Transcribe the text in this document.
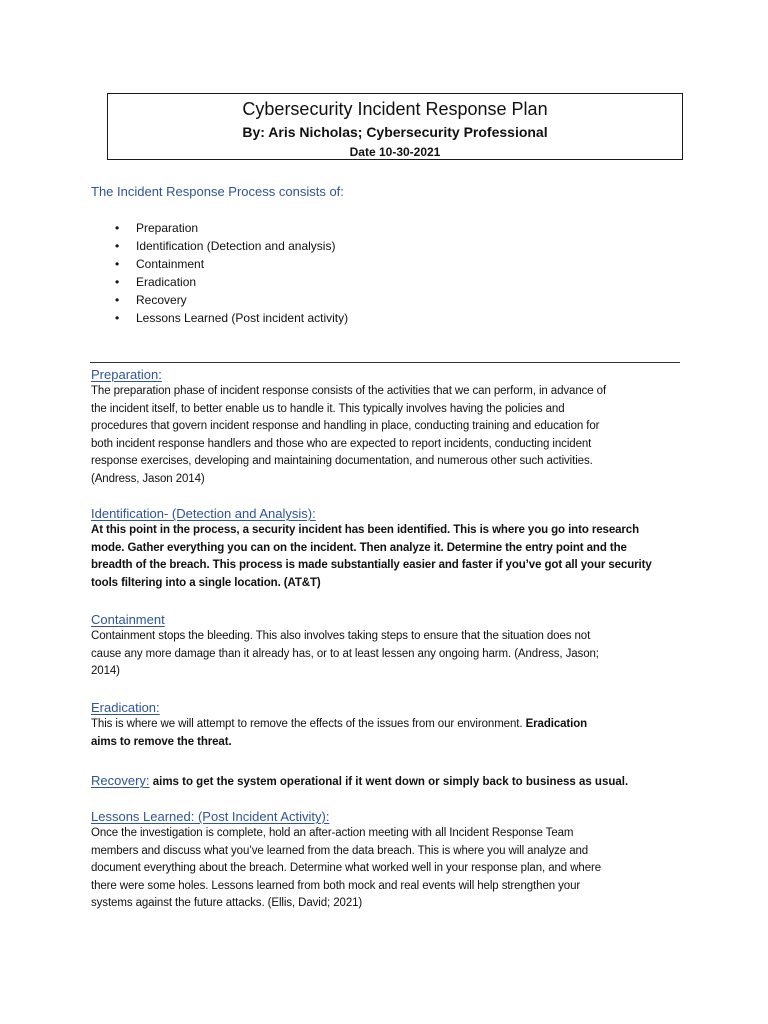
Cybersecurity Incident Response Plan
By: Aris Nicholas; Cybersecurity Professional
Date 10-30-2021
The Incident Response Process consists of:
• Preparation
• Identification (Detection and analysis)
• Containment
• Eradication
• Recovery
• Lessons Learned (Post incident activity)
Preparation:

The preparation phase of incident response consists of the activities that we can perform, in advance of
the incident itself, to better enable us to handle it. This typically involves having the policies and
procedures that govern incident response and handling in place, conducting training and education for
both incident response handlers and those who are expected to report incidents, conducting incident
response exercises, developing and maintaining documentation, and numerous other such activities.
(Andress, Jason 2014)

Identification- (Detection and Analysis):

At this point in the process, a security incident has been identified. This is where you go into research
mode. Gather everything you can on the incident. Then analyze it. Determine the entry point and the
breadth of the breach. This process is made substantially easier and faster if you’ve got all your security
tools filtering into a single location. (AT&T)

Containment

Containment stops the bleeding. This also involves taking steps to ensure that the situation does not
cause any more damage than it already has, or to at least lessen any ongoing harm. (Andress, Jason;
2014)

Eradication:

This is where we will attempt to remove the effects of the issues from our environment. Eradication
aims to remove the threat.

Recovery: aims to get the system operational if it went down or simply back to business as usual.
Lessons Learned: (Post Incident Activity):

Once the investigation is complete, hold an after-action meeting with all Incident Response Team
members and discuss what you’ve learned from the data breach. This is where you will analyze and
document everything about the breach. Determine what worked well in your response plan, and where
there were some holes. Lessons learned from both mock and real events will help strengthen your
systems against the future attacks. (Ellis, David; 2021)
